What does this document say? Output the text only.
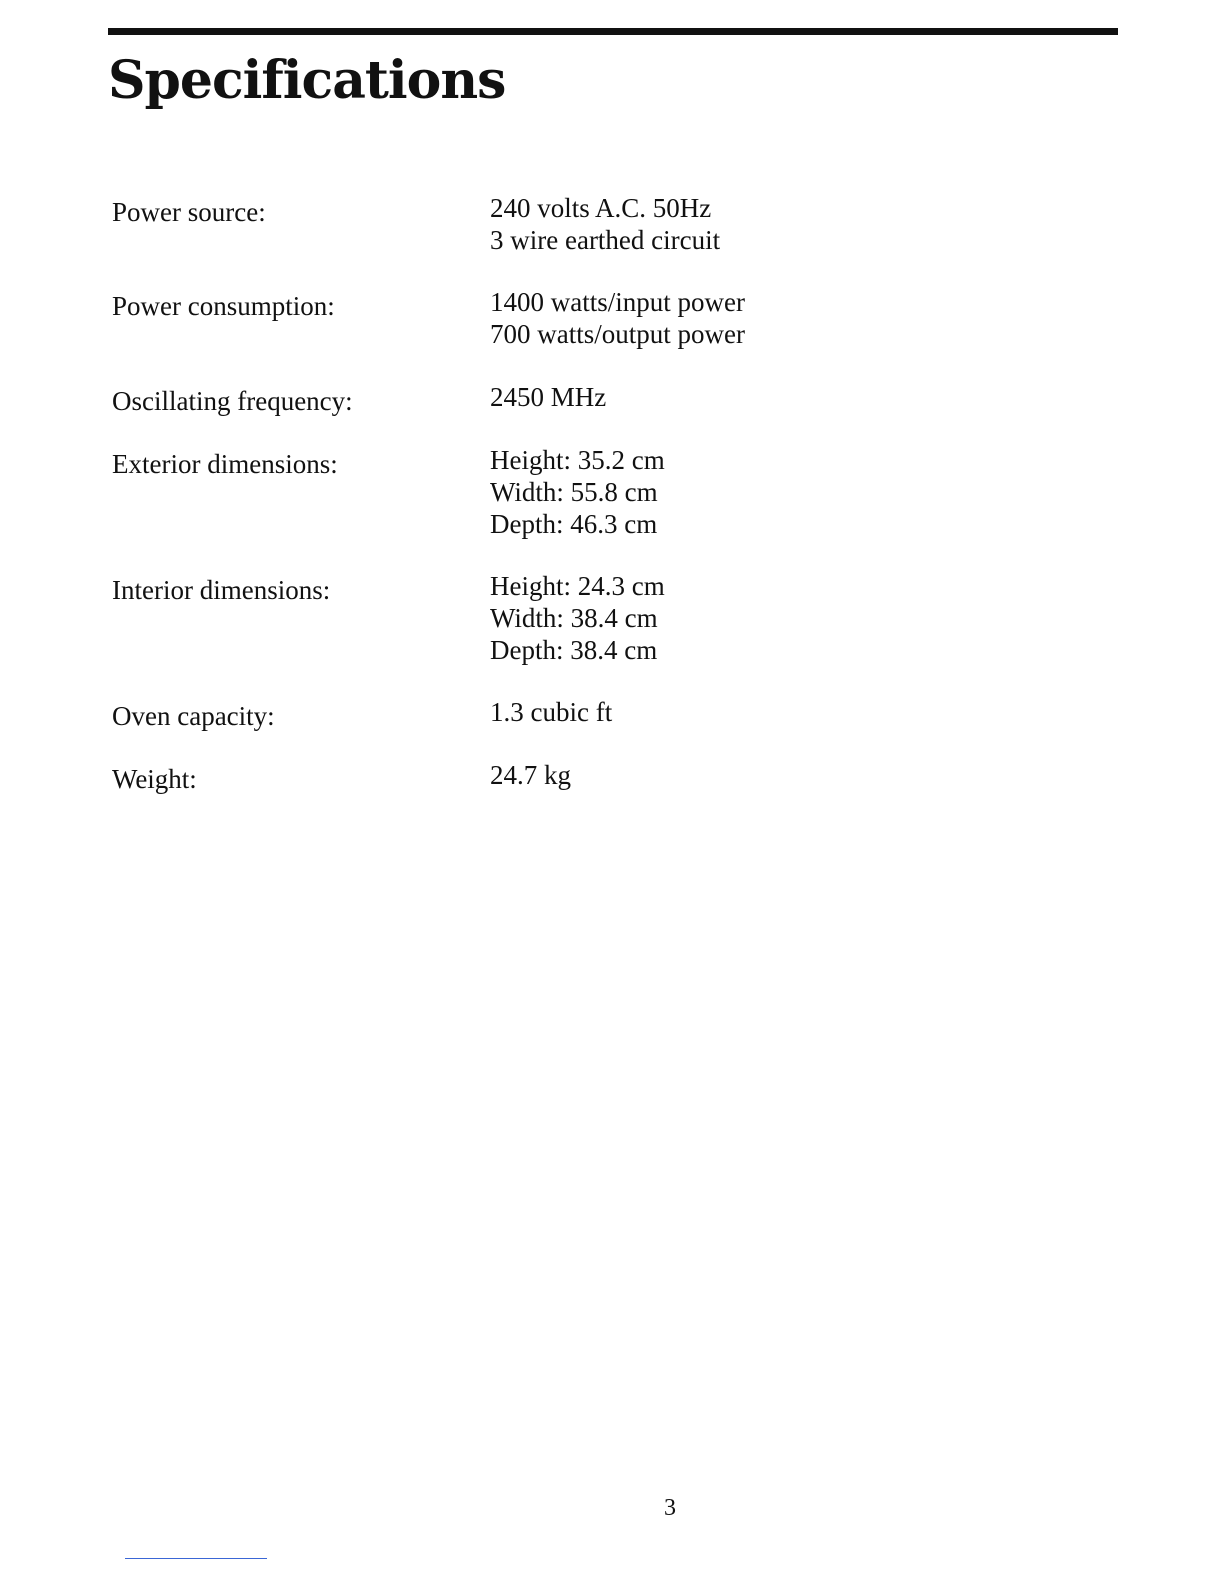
Specifications
Power source:	240 volts A.C. 50Hz
3 wire earthed circuit
Power consumption:	1400 watts/input power
700 watts/output power
Oscillating frequency:	2450 MHz
Exterior dimensions:	Height: 35.2 cm
Width: 55.8 cm
Depth: 46.3 cm
Interior dimensions:	Height: 24.3 cm
Width: 38.4 cm
Depth: 38.4 cm
Oven capacity:	1.3 cubic ft
Weight:	24.7 kg
3
